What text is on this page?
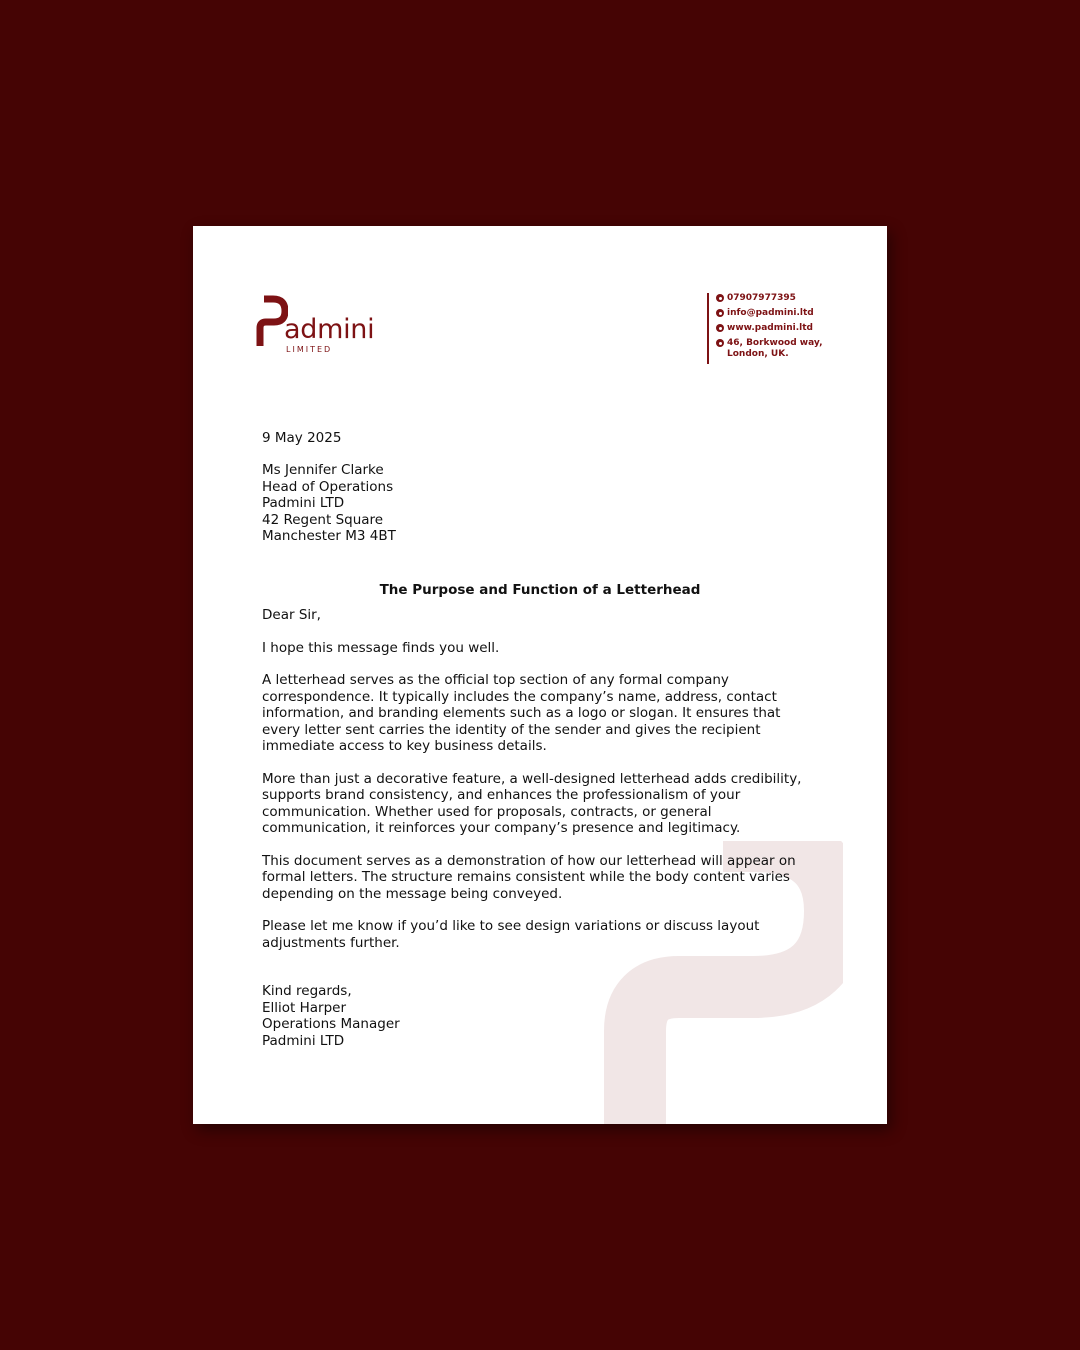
admini
LIMITED
07907977395
info@padmini.ltd
www.padmini.ltd
46, Borkwood way,
London, UK.
9 May 2025
Ms Jennifer Clarke
Head of Operations
Padmini LTD
42 Regent Square
Manchester M3 4BT
The Purpose and Function of a Letterhead

Dear Sir,

I hope this message finds you well.

A letterhead serves as the official top section of any formal company correspondence. It typically includes the company’s name, address, contact information, and branding elements such as a logo or slogan. It ensures that every letter sent carries the identity of the sender and gives the recipient immediate access to key business details.

More than just a decorative feature, a well-designed letterhead adds credibility, supports brand consistency, and enhances the professionalism of your communication. Whether used for proposals, contracts, or general communication, it reinforces your company’s presence and legitimacy.

This document serves as a demonstration of how our letterhead will appear on formal letters. The structure remains consistent while the body content varies depending on the message being conveyed.

Please let me know if you’d like to see design variations or discuss layout adjustments further.

Kind regards,
Elliot Harper
Operations Manager
Padmini LTD
